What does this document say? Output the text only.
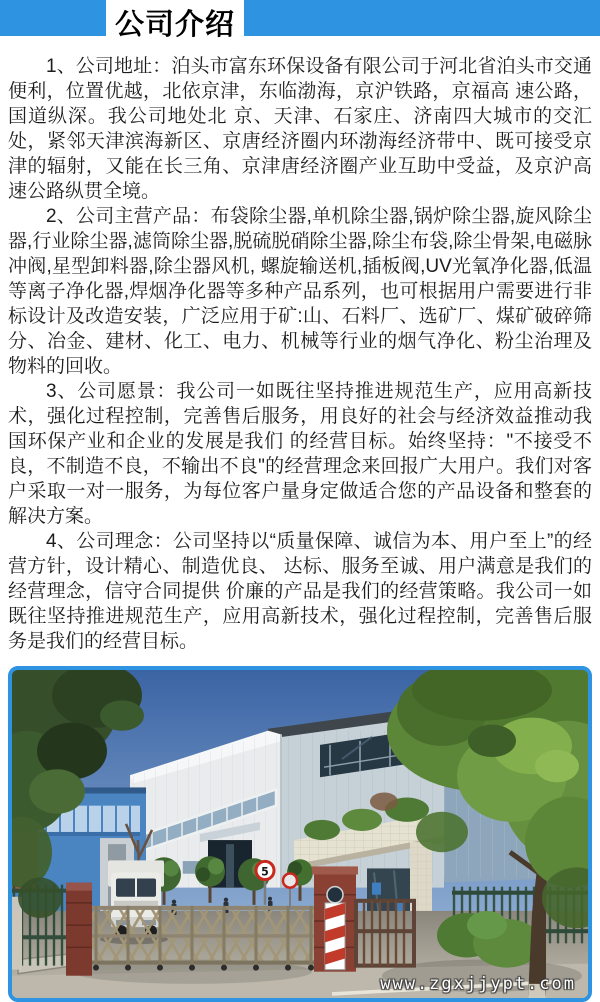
公司介绍

1、公司地址：泊头市富东环保设备有限公司于河北省泊头市交通便利，位置优越，北依京津，东临渤海，京沪铁路，京福高 速公路，国道纵深。我公司地处北 京、天津、石家庄、济南四大城市的交汇处，紧邻天津滨海新区、京唐经济圈内环渤海经济带中、既可接受京津的辐射，又能在长三角、京津唐经济圈产业互助中受益，及京沪高速公路纵贯全境。

2、公司主营产品：布袋除尘器,单机除尘器,锅炉除尘器,旋风除尘器,行业除尘器,滤筒除尘器,脱硫脱硝除尘器,除尘布袋,除尘骨架,电磁脉冲阀,星型卸料器,除尘器风机, 螺旋输送机,插板阀,UV光氧净化器,低温等离子净化器,焊烟净化器等多种产品系列，也可根据用户需要进行非标设计及改造安装，广泛应用于矿:山、石料厂、选矿厂、煤矿破碎筛分、冶金、建材、化工、电力、机械等行业的烟气净化、粉尘治理及物料的回收。

3、公司愿景：我公司一如既往坚持推进规范生产，应用高新技术，强化过程控制，完善售后服务，用良好的社会与经济效益推动我国环保产业和企业的发展是我们 的经营目标。始终坚持："不接受不良，不制造不良，不输出不良"的经营理念来回报广大用户。我们对客户采取一对一服务，为每位客户量身定做适合您的产品设备和整套的解决方案。

4、公司理念：公司坚持以“质量保障、诚信为本、用户至上”的经营方针，设计精心、制造优良、 达标、服务至诚、用户满意是我们的经营理念，信守合同提供 价廉的产品是我们的经营策略。我公司一如既往坚持推进规范生产，应用高新技术，强化过程控制，完善售后服务是我们的经营目标。

5
www.zgxjjypt.com
